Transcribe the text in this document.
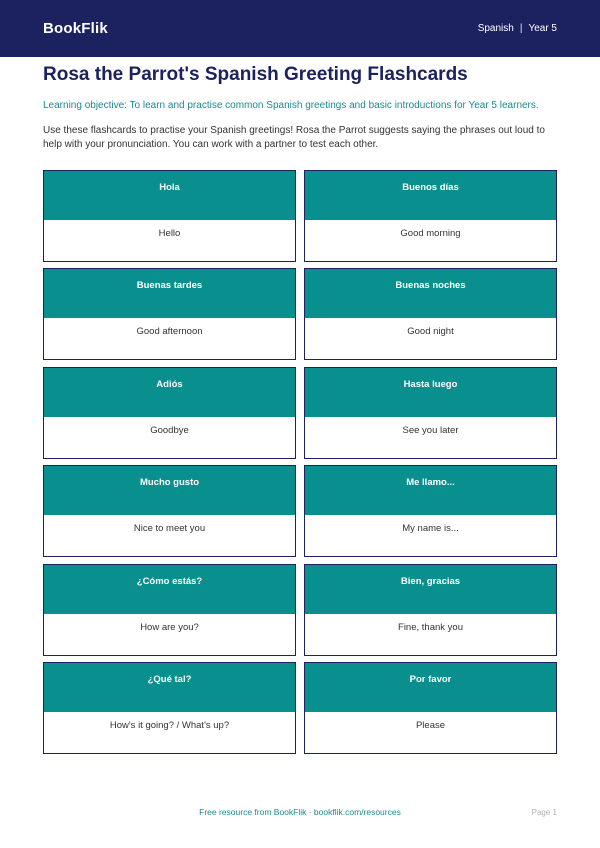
BookFlik	Spanish | Year 5
Rosa the Parrot's Spanish Greeting Flashcards

Learning objective: To learn and practise common Spanish greetings and basic introductions for Year 5 learners.

Use these flashcards to practise your Spanish greetings! Rosa the Parrot suggests saying the phrases out loud to help with your pronunciation. You can work with a partner to test each other.

Hola
Hello
Buenos días
Good morning
Buenas tardes
Good afternoon
Buenas noches
Good night
Adiós
Goodbye
Hasta luego
See you later
Mucho gusto
Nice to meet you
Me llamo...
My name is...
¿Cómo estás?
How are you?
Bien, gracias
Fine, thank you
¿Qué tal?
How's it going? / What's up?
Por favor
Please
Free resource from BookFlik · bookflik.com/resources	Page 1
